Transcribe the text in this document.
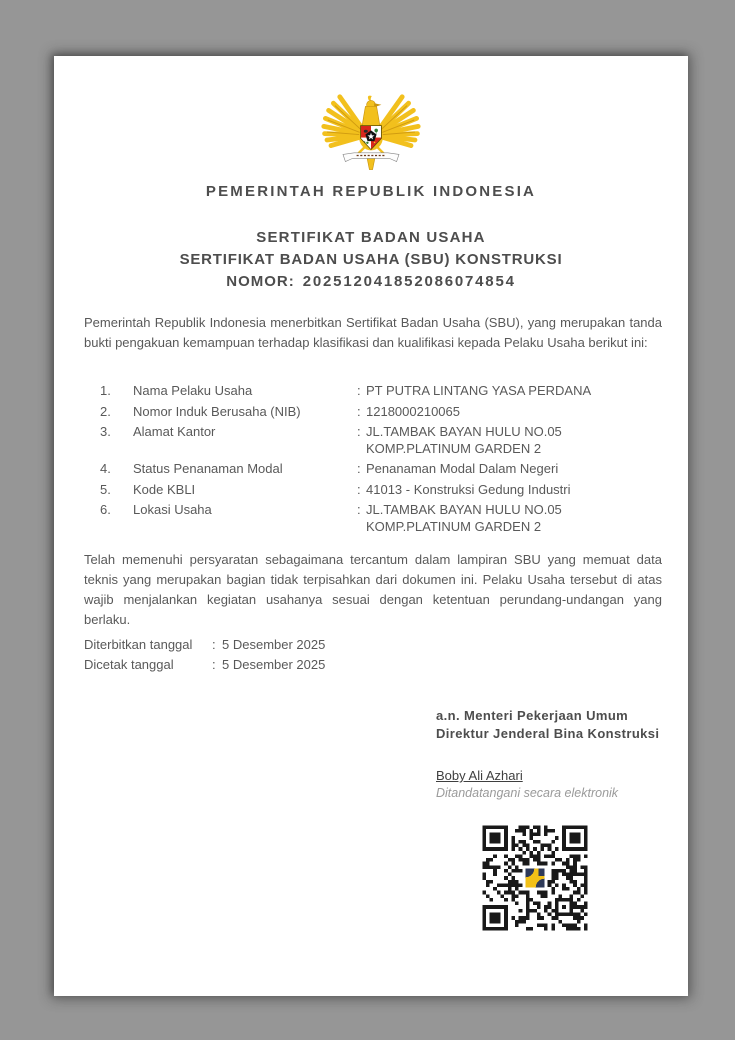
PEMERINTAH REPUBLIK INDONESIA
SERTIFIKAT BADAN USAHA
SERTIFIKAT BADAN USAHA (SBU) KONSTRUKSI
NOMOR: 202512041852086074854
Pemerintah Republik Indonesia menerbitkan Sertifikat Badan Usaha (SBU), yang merupakan tanda bukti pengakuan kemampuan terhadap klasifikasi dan kualifikasi kepada Pelaku Usaha berikut ini:
1.	Nama Pelaku Usaha	: PT PUTRA LINTANG YASA PERDANA
2.	Nomor Induk Berusaha (NIB)	: 1218000210065
3.	Alamat Kantor	: JL.TAMBAK BAYAN HULU NO.05 KOMP.PLATINUM GARDEN 2
4.	Status Penanaman Modal	: Penanaman Modal Dalam Negeri
5.	Kode KBLI	: 41013 - Konstruksi Gedung Industri
6.	Lokasi Usaha	: JL.TAMBAK BAYAN HULU NO.05 KOMP.PLATINUM GARDEN 2
Telah memenuhi persyaratan sebagaimana tercantum dalam lampiran SBU yang memuat data teknis yang merupakan bagian tidak terpisahkan dari dokumen ini. Pelaku Usaha tersebut di atas wajib menjalankan kegiatan usahanya sesuai dengan ketentuan perundang-undangan yang berlaku.
Diterbitkan tanggal	: 5 Desember 2025
Dicetak tanggal	: 5 Desember 2025
a.n. Menteri Pekerjaan Umum
Direktur Jenderal Bina Konstruksi
Boby Ali Azhari
Ditandatangani secara elektronik
